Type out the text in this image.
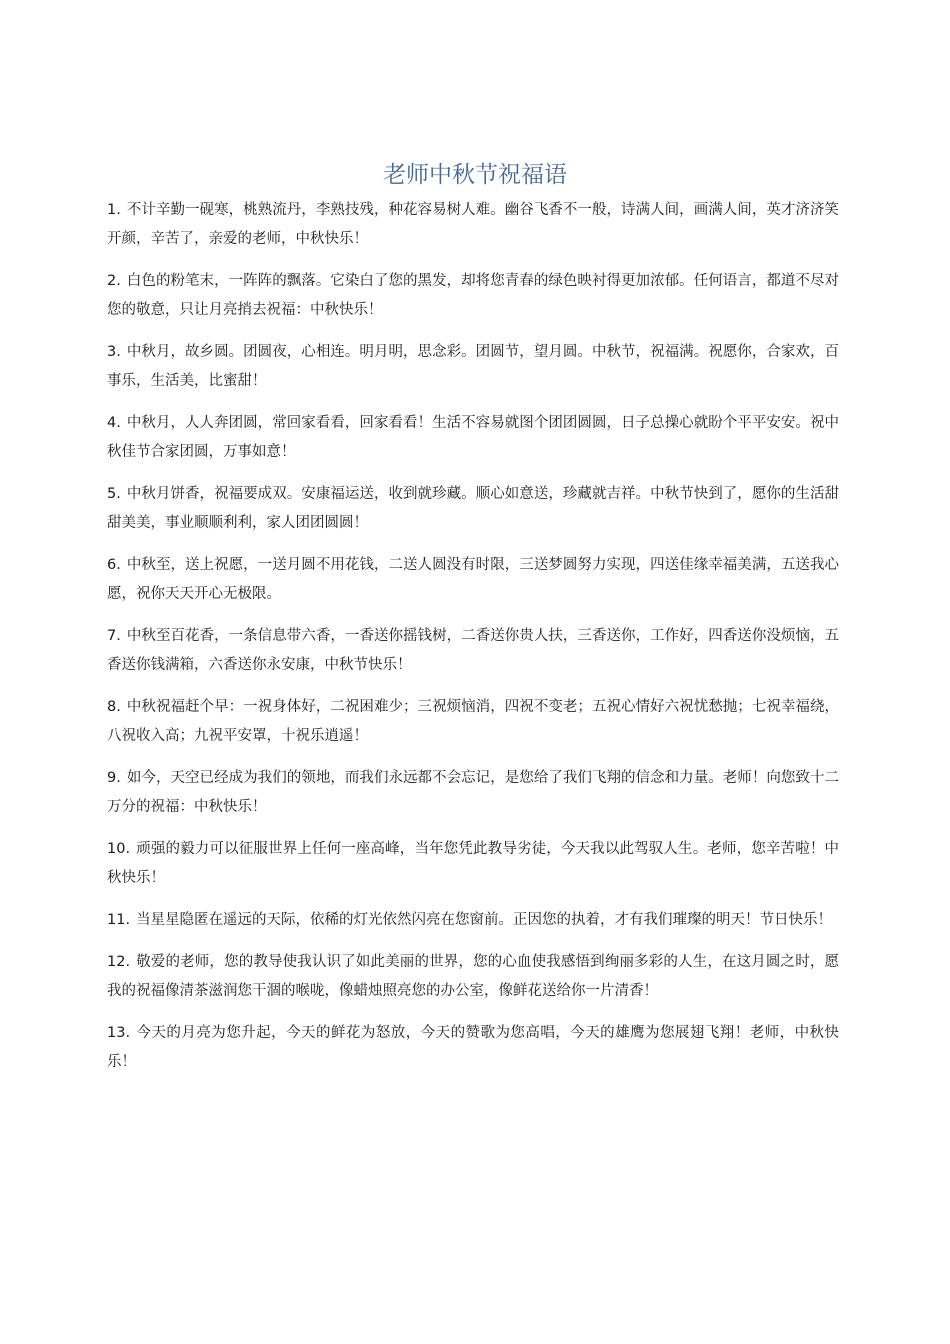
老师中秋节祝福语
1. 不计辛勤一砚寒，桃熟流丹，李熟技残，种花容易树人难。幽谷飞香不一般，诗满人间，画满人间，英才济济笑开颜，辛苦了，亲爱的老师，中秋快乐！
2. 白色的粉笔末，一阵阵的飘落。它染白了您的黑发，却将您青春的绿色映衬得更加浓郁。任何语言，都道不尽对您的敬意，只让月亮捎去祝福：中秋快乐！
3. 中秋月，故乡圆。团圆夜，心相连。明月明，思念彩。团圆节，望月圆。中秋节，祝福满。祝愿你，合家欢，百事乐，生活美，比蜜甜！
4. 中秋月，人人奔团圆，常回家看看，回家看看！生活不容易就图个团团圆圆，日子总操心就盼个平平安安。祝中秋佳节合家团圆，万事如意！
5. 中秋月饼香，祝福要成双。安康福运送，收到就珍藏。顺心如意送，珍藏就吉祥。中秋节快到了，愿你的生活甜甜美美，事业顺顺利利，家人团团圆圆！
6. 中秋至，送上祝愿，一送月圆不用花钱，二送人圆没有时限，三送梦圆努力实现，四送佳缘幸福美满，五送我心愿，祝你天天开心无极限。
7. 中秋至百花香，一条信息带六香，一香送你摇钱树，二香送你贵人扶，三香送你，工作好，四香送你没烦恼，五香送你钱满箱，六香送你永安康，中秋节快乐！
8. 中秋祝福赶个早：一祝身体好，二祝困难少；三祝烦恼消，四祝不变老；五祝心情好六祝忧愁抛；七祝幸福绕，八祝收入高；九祝平安罩，十祝乐逍遥！
9. 如今，天空已经成为我们的领地，而我们永远都不会忘记，是您给了我们飞翔的信念和力量。老师！向您致十二万分的祝福：中秋快乐！
10. 顽强的毅力可以征服世界上任何一座高峰，当年您凭此教导劣徒，今天我以此驾驭人生。老师，您辛苦啦！中秋快乐！
11. 当星星隐匿在遥远的天际，依稀的灯光依然闪亮在您窗前。正因您的执着，才有我们璀璨的明天！节日快乐！
12. 敬爱的老师，您的教导使我认识了如此美丽的世界，您的心血使我感悟到绚丽多彩的人生，在这月圆之时，愿我的祝福像清茶滋润您干涸的喉咙，像蜡烛照亮您的办公室，像鲜花送给你一片清香！
13. 今天的月亮为您升起，今天的鲜花为怒放，今天的赞歌为您高唱，今天的雄鹰为您展翅飞翔！老师，中秋快乐！
